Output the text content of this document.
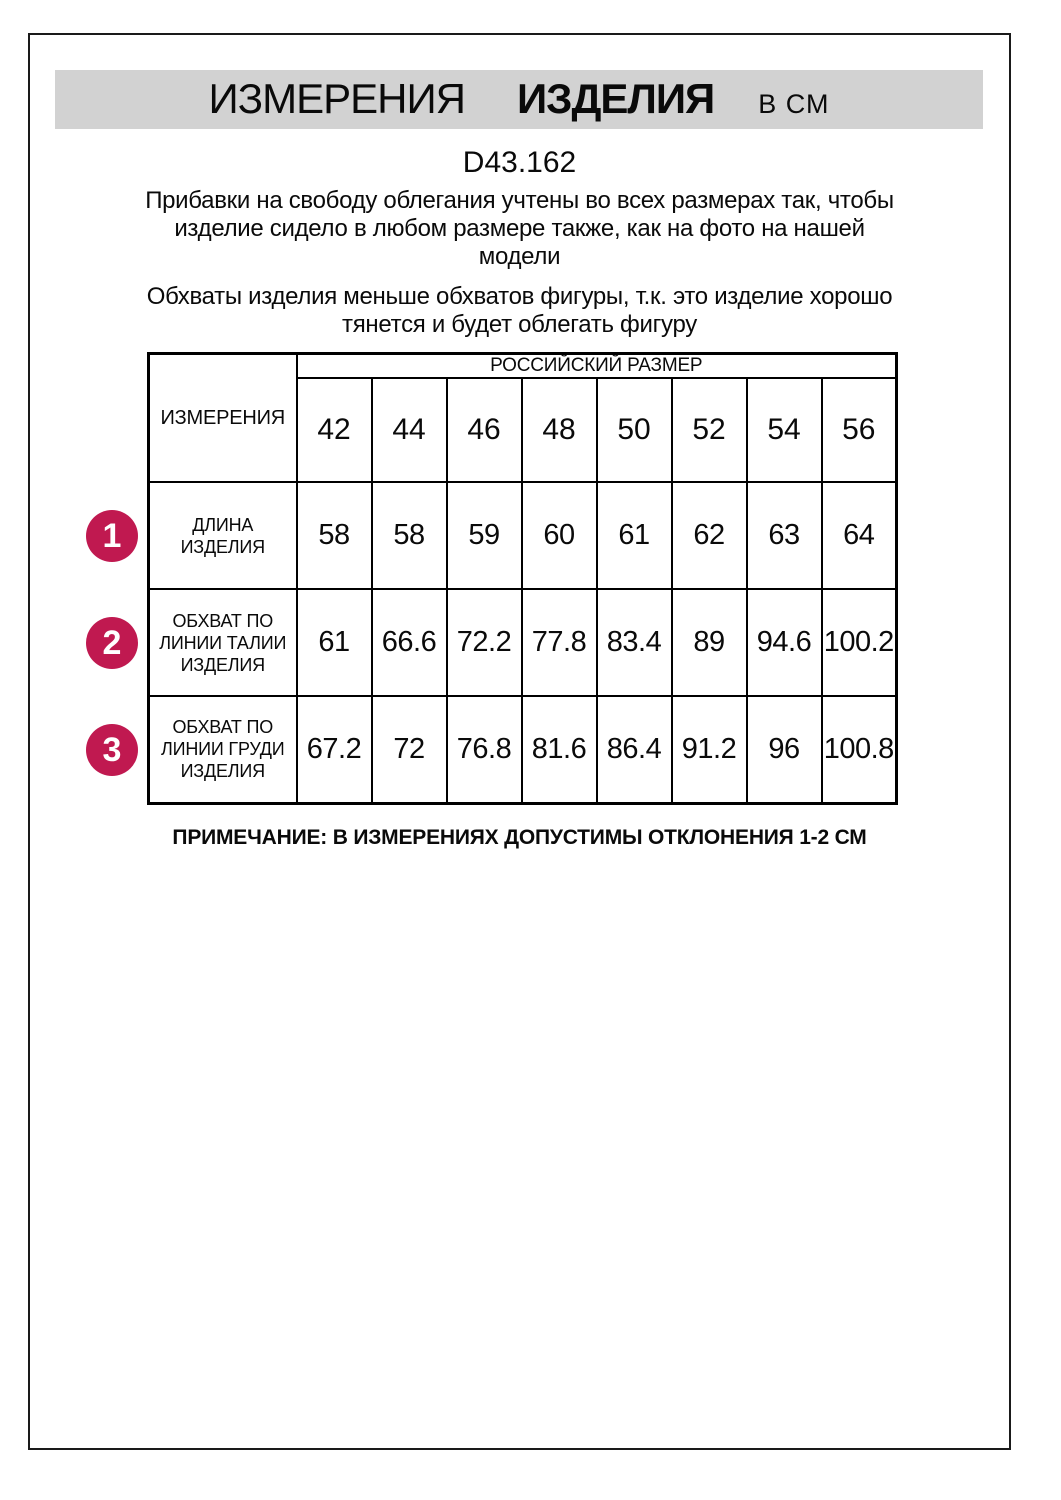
ИЗМЕРЕНИЯ ИЗДЕЛИЯ В СМ
D43.162
Прибавки на свободу облегания учтены во всех размерах так, чтобы
изделие сидело в любом размере также, как на фото на нашей
модели
Обхваты изделия меньше обхватов фигуры, т.к. это изделие хорошо
тянется и будет облегать фигуру
ИЗМЕРЕНИЯ	РОССИЙСКИЙ РАЗМЕР							
	42	44	46	48	50	52	54	56

ДЛИНА
ИЗДЕЛИЯ	58	58	59	60	61	62	63	64

ОБХВАТ ПО
ЛИНИИ ТАЛИИ
ИЗДЕЛИЯ	61	66.6	72.2	77.8	83.4	89	94.6	100.2

ОБХВАТ ПО
ЛИНИИ ГРУДИ
ИЗДЕЛИЯ	67.2	72	76.8	81.6	86.4	91.2	96	100.8
1
2
3
ПРИМЕЧАНИЕ: В ИЗМЕРЕНИЯХ ДОПУСТИМЫ ОТКЛОНЕНИЯ 1-2 СМ
